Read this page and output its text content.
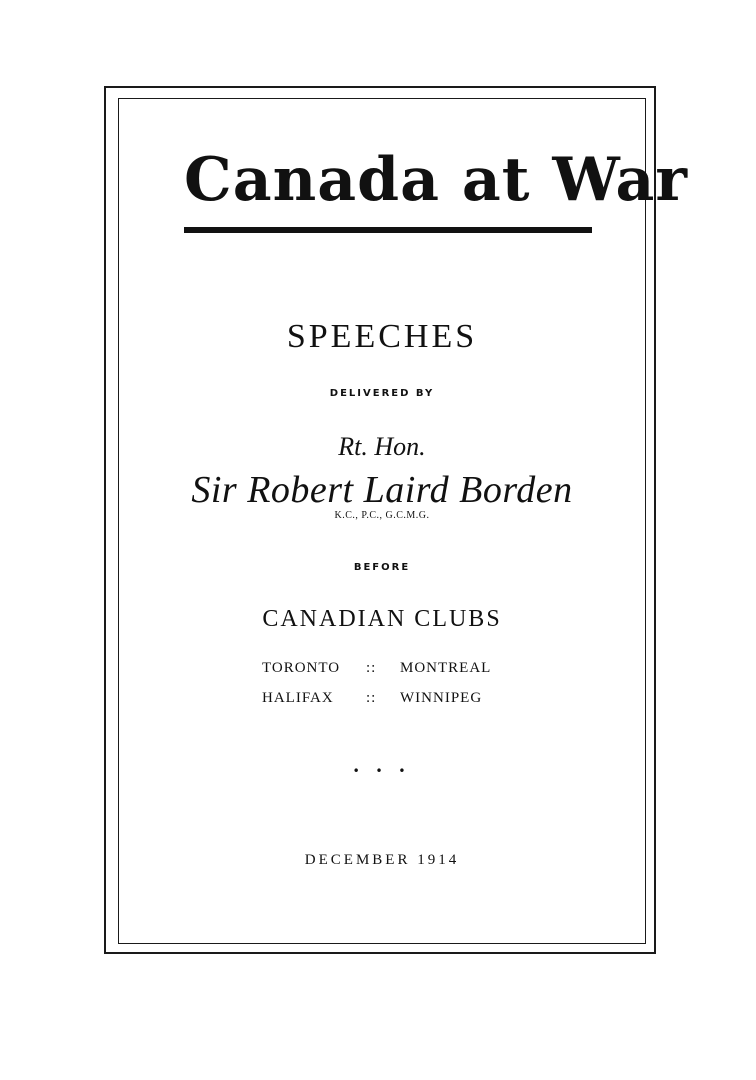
Canada at War
SPEECHES
DELIVERED BY
Rt. Hon.
Sir Robert Laird Borden
K.C., P.C., G.C.M.G.
BEFORE
CANADIAN CLUBS
TORONTO :: MONTREAL
HALIFAX :: WINNIPEG
• • •
DECEMBER 1914
